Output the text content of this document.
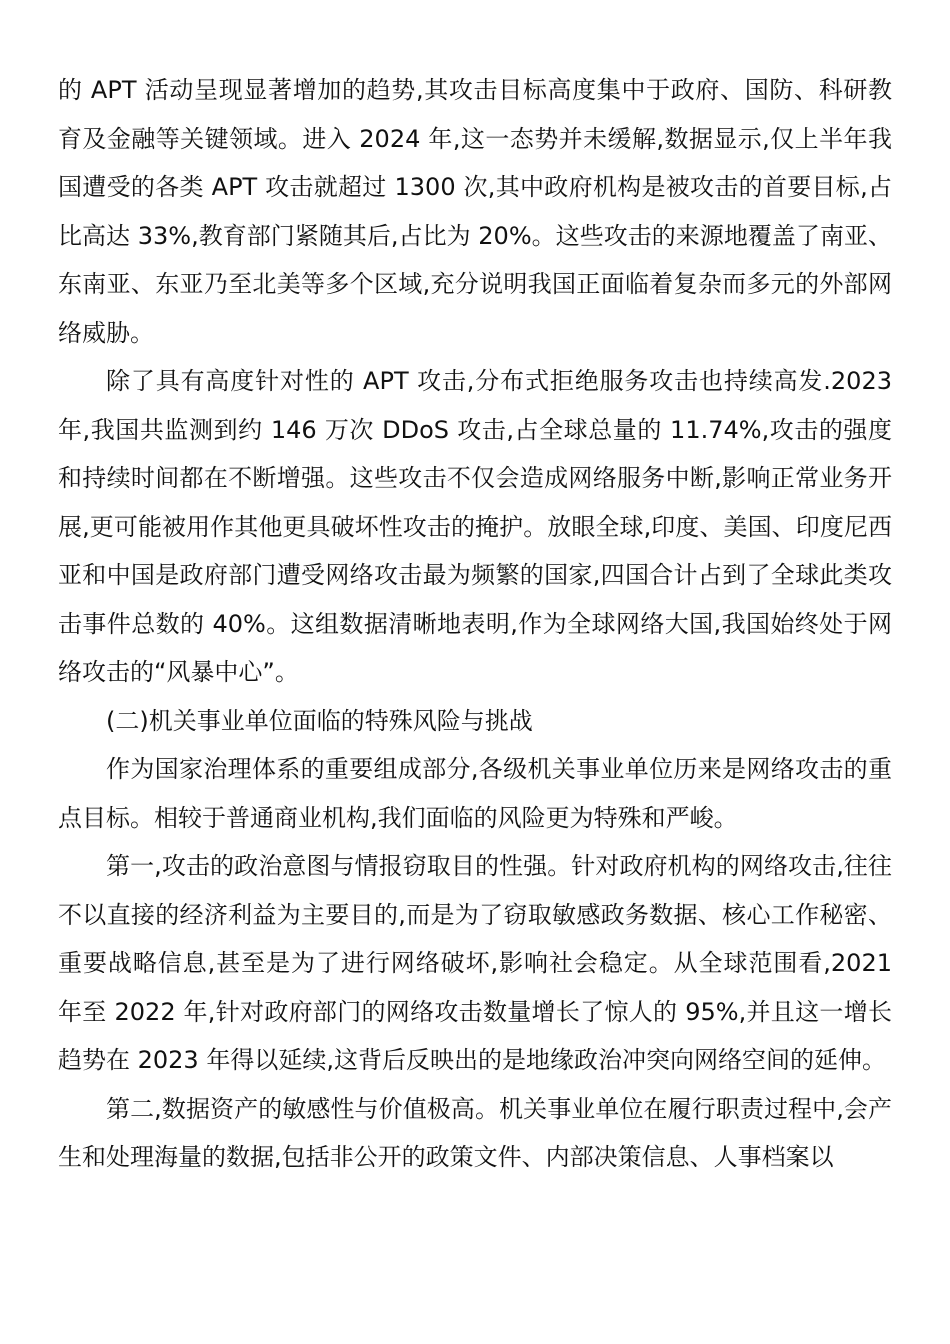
的 APT 活动呈现显著增加的趋势,其攻击目标高度集中于政府、国防、科研教育及金融等关键领域。进入 2024 年,这一态势并未缓解,数据显示,仅上半年我国遭受的各类 APT 攻击就超过 1300 次,其中政府机构是被攻击的首要目标,占比高达 33%,教育部门紧随其后,占比为 20%。这些攻击的来源地覆盖了南亚、东南亚、东亚乃至北美等多个区域,充分说明我国正面临着复杂而多元的外部网络威胁。

除了具有高度针对性的 APT 攻击,分布式拒绝服务攻击也持续高发.2023 年,我国共监测到约 146 万次 DDoS 攻击,占全球总量的 11.74%,攻击的强度和持续时间都在不断增强。这些攻击不仅会造成网络服务中断,影响正常业务开展,更可能被用作其他更具破坏性攻击的掩护。放眼全球,印度、美国、印度尼西亚和中国是政府部门遭受网络攻击最为频繁的国家,四国合计占到了全球此类攻击事件总数的 40%。这组数据清晰地表明,作为全球网络大国,我国始终处于网络攻击的“风暴中心”。

(二)机关事业单位面临的特殊风险与挑战

作为国家治理体系的重要组成部分,各级机关事业单位历来是网络攻击的重点目标。相较于普通商业机构,我们面临的风险更为特殊和严峻。

第一,攻击的政治意图与情报窃取目的性强。针对政府机构的网络攻击,往往不以直接的经济利益为主要目的,而是为了窃取敏感政务数据、核心工作秘密、重要战略信息,甚至是为了进行网络破坏,影响社会稳定。从全球范围看,2021 年至 2022 年,针对政府部门的网络攻击数量增长了惊人的 95%,并且这一增长趋势在 2023 年得以延续,这背后反映出的是地缘政治冲突向网络空间的延伸。

第二,数据资产的敏感性与价值极高。机关事业单位在履行职责过程中,会产生和处理海量的数据,包括非公开的政策文件、内部决策信息、人事档案以
